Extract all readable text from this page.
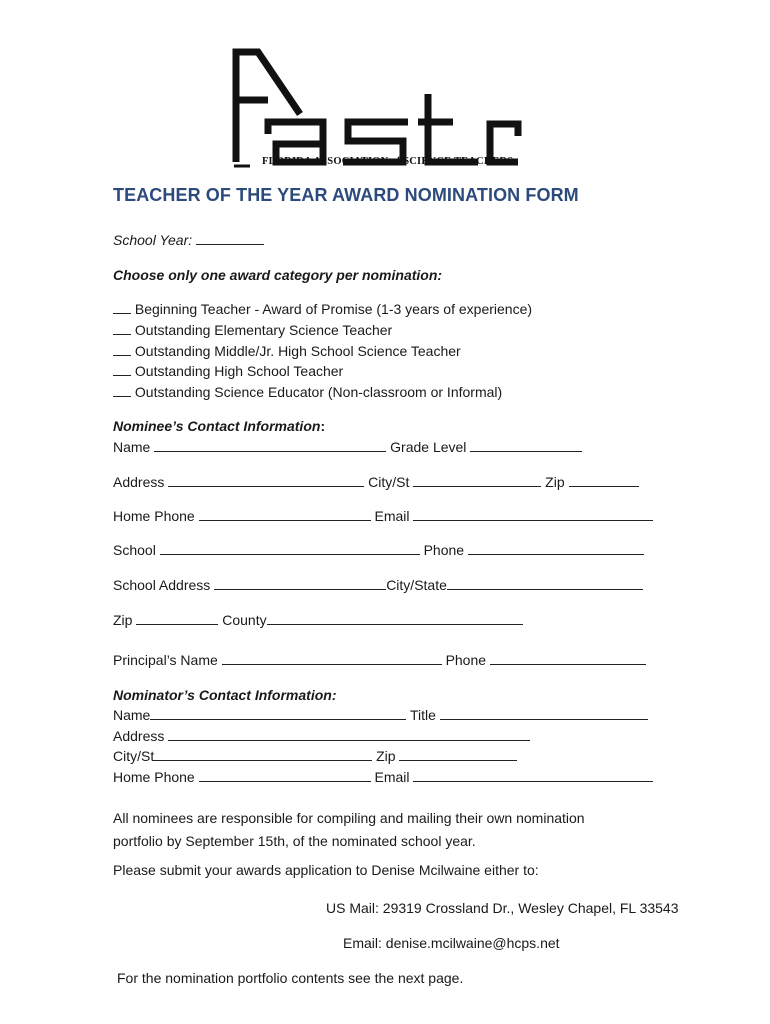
FLORIDA ASSOCIATION of SCIENCE TEACHERS
TEACHER OF THE YEAR AWARD NOMINATION FORM
School Year:
Choose only one award category per nomination:
Beginning Teacher - Award of Promise (1-3 years of experience)
Outstanding Elementary Science Teacher
Outstanding Middle/Jr. High School Science Teacher
Outstanding High School Teacher
Outstanding Science Educator (Non-classroom or Informal)
Nominee’s Contact Information:
Name	Grade Level
Address	City/St	Zip
Home Phone	Email
School	Phone
School Address	City/State
Zip	County
Principal’s Name	Phone
Nominator’s Contact Information:
Name	Title
Address
City/St	Zip
Home Phone	Email
All nominees are responsible for compiling and mailing their own nomination
portfolio by September 15th, of the nominated school year.
Please submit your awards application to Denise Mcilwaine either to:
US Mail: 29319 Crossland Dr., Wesley Chapel, FL 33543
Email: denise.mcilwaine@hcps.net
For the nomination portfolio contents see the next page.
